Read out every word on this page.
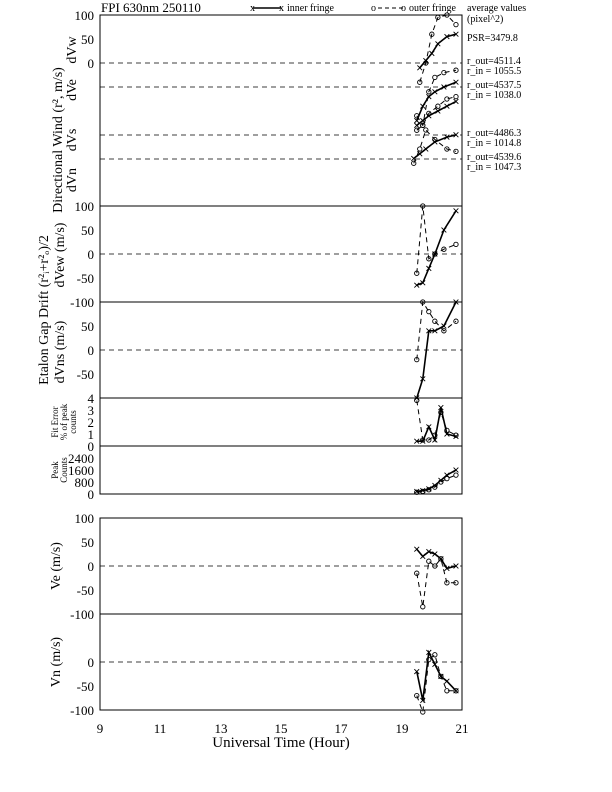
FPI 630nm 250110	x x inner fringe	o	o outer fringe average values
(pixel^2)
PSR=3479.8
r_out=4511.4
r_in = 1055.5
r_out=4537.5
r_in = 1038.0
r_out=4486.3
r_in = 1014.8
r_out=4539.6
r_in = 1047.3
100
50
0
100
50
0
-50
-100
50
0
-50
4
3
2
1
0
2400
1600
800
0
100
50
0
-50
-100
0
-50
-100
Directional Wind (r², m/s)
dVw
dVe
dVs
dVn
Etalon Gap Drift (r²ᵢ+r²ₒ)/2 dVew (m/s)
dVns (m/s)
Fit Error % of peak counts
Peak Counts
Ve (m/s)
Vn (m/s)
9	11	13	15	17	19	21
Universal Time (Hour)
